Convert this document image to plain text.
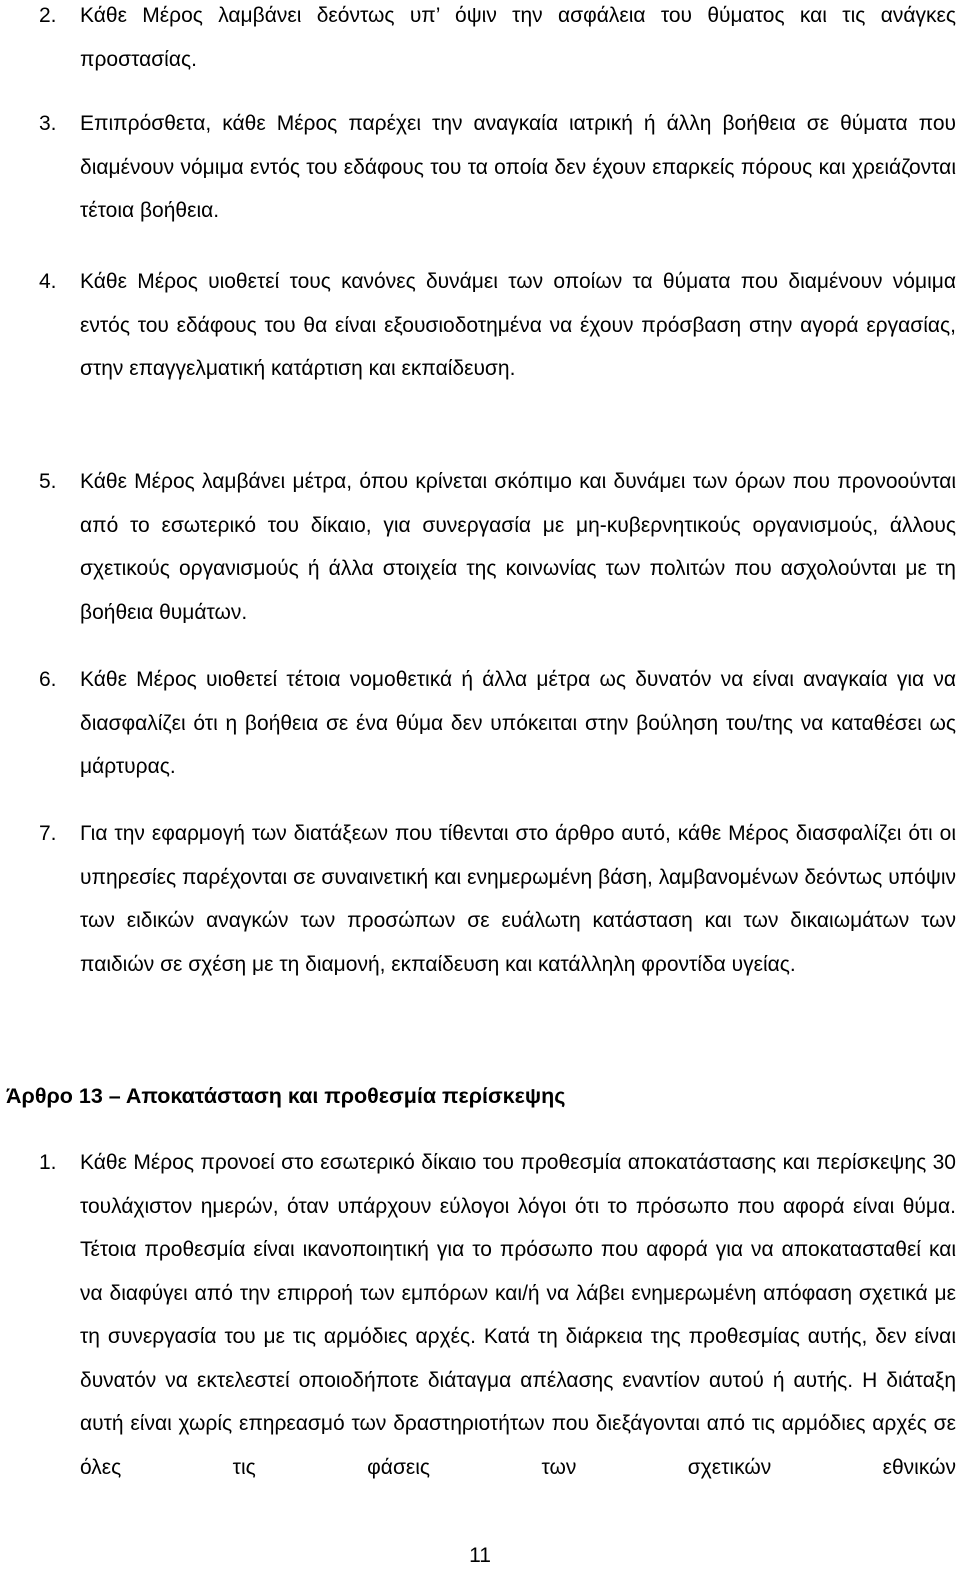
2.	Κάθε Μέρος λαμβάνει δεόντως υπ’ όψιν την ασφάλεια του θύματος και τις ανάγκες προστασίας.
3.	Επιπρόσθετα, κάθε Μέρος παρέχει την αναγκαία ιατρική ή άλλη βοήθεια σε θύματα που διαμένουν νόμιμα εντός του εδάφους του τα οποία δεν έχουν επαρκείς πόρους και χρειάζονται τέτοια βοήθεια.
4.	Κάθε Μέρος υιοθετεί τους κανόνες δυνάμει των οποίων τα θύματα που διαμένουν νόμιμα εντός του εδάφους του θα είναι εξουσιοδοτημένα να έχουν πρόσβαση στην αγορά εργασίας, στην επαγγελματική κατάρτιση και εκπαίδευση.
5.	Κάθε Μέρος λαμβάνει μέτρα, όπου κρίνεται σκόπιμο και δυνάμει των όρων που προνοούνται από το εσωτερικό του δίκαιο, για συνεργασία με μη-κυβερνητικούς οργανισμούς, άλλους σχετικούς οργανισμούς ή άλλα στοιχεία της κοινωνίας των πολιτών που ασχολούνται με τη βοήθεια θυμάτων.
6.	Κάθε Μέρος υιοθετεί τέτοια νομοθετικά ή άλλα μέτρα ως δυνατόν να είναι αναγκαία για να διασφαλίζει ότι η βοήθεια σε ένα θύμα δεν υπόκειται στην βούληση του/της να καταθέσει ως μάρτυρας.
7.	Για την εφαρμογή των διατάξεων που τίθενται στο άρθρο αυτό, κάθε Μέρος διασφαλίζει ότι οι υπηρεσίες παρέχονται σε συναινετική και ενημερωμένη βάση, λαμβανομένων δεόντως υπόψιν των ειδικών αναγκών των προσώπων σε ευάλωτη κατάσταση και των δικαιωμάτων των παιδιών σε σχέση με τη διαμονή, εκπαίδευση και κατάλληλη φροντίδα υγείας.
Άρθρο 13 – Αποκατάσταση και προθεσμία περίσκεψης
1.	Κάθε Μέρος προνοεί στο εσωτερικό δίκαιο του προθεσμία αποκατάστασης και περίσκεψης 30 τουλάχιστον ημερών, όταν υπάρχουν εύλογοι λόγοι ότι το πρόσωπο που αφορά είναι θύμα. Τέτοια προθεσμία είναι ικανοποιητική για το πρόσωπο που αφορά για να αποκατασταθεί και να διαφύγει από την επιρροή των εμπόρων και/ή να λάβει ενημερωμένη απόφαση σχετικά με τη συνεργασία του με τις αρμόδιες αρχές. Κατά τη διάρκεια της προθεσμίας αυτής, δεν είναι δυνατόν να εκτελεστεί οποιοδήποτε διάταγμα απέλασης εναντίον αυτού ή αυτής. Η διάταξη αυτή είναι χωρίς επηρεασμό των δραστηριοτήτων που διεξάγονται από τις αρμόδιες αρχές σε όλες τις φάσεις των σχετικών εθνικών
11
